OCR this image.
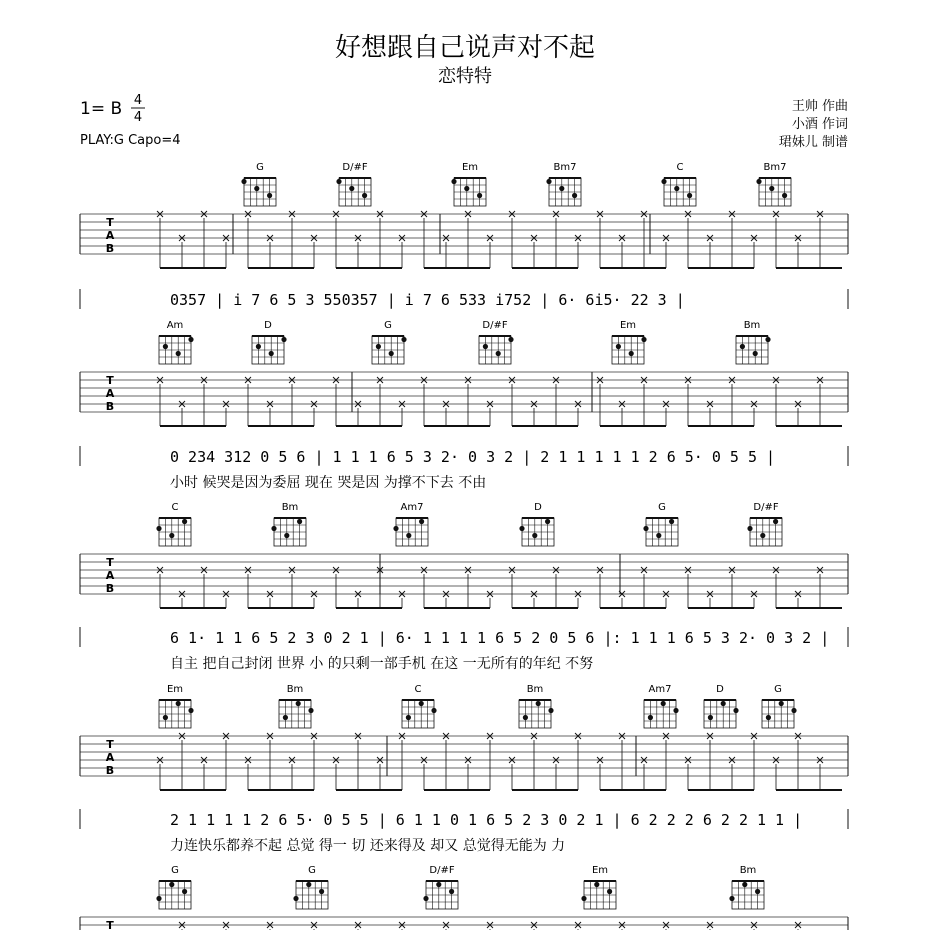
好想跟自己说声对不起
恋特特
1= B 4
4
PLAY:G Capo=4
王帅 作曲
小酒 作词
珺妹儿 制谱
G	D/#F	Em	Bm7	C	Bm7
T
A
B
0357 | i 7 6 5 3 550357 | i 7 6 533 i752 | 6· 6i5· 22 3 |
Am	D	G	D/#F	Em	Bm
T
A
B
0 234 312 0 5 6 | 1 1 1 6 5 3 2· 0 3 2 | 2 1 1 1 1 1 2 6 5· 0 5 5 |
小时 候哭是因为委屈 现在 哭是因 为撑不下去 不由
C	Bm	Am7	D	G	D/#F
T
A
B
6 1· 1 1 6 5 2 3 0 2 1 | 6· 1 1 1 1 6 5 2 0 5 6 |: 1 1 1 6 5 3 2· 0 3 2 |
自主 把自己封闭 世界 小 的只剩一部手机 在这 一无所有的年纪 不努
Em	Bm	C	Bm	Am7	D	G
T
A
B
2 1 1 1 1 2 6 5· 0 5 5 | 6 1 1 0 1 6 5 2 3 0 2 1 | 6 2 2 2 6 2 2 1 1 |
力连快乐都养不起 总觉 得一 切 还来得及 却又 总觉得无能为 力
G	G	D/#F	Em	Bm
T
